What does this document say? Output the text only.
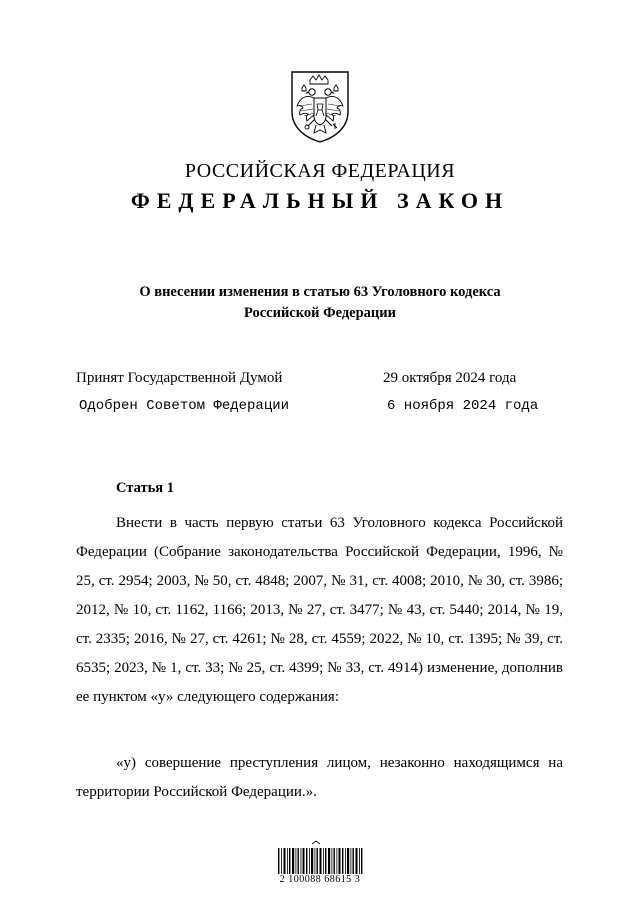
РОССИЙСКАЯ ФЕДЕРАЦИЯ
ФЕДЕРАЛЬНЫЙ ЗАКОН
О внесении изменения в статью 63 Уголовного кодекса
Российской Федерации
Принят Государственной Думой	29 октября 2024 года
Одобрен Советом Федерации	6 ноября 2024 года
Статья 1
Внести в часть первую статьи 63 Уголовного кодекса Российской Федерации (Собрание законодательства Российской Федерации, 1996, № 25, ст. 2954; 2003, № 50, ст. 4848; 2007, № 31, ст. 4008; 2010, № 30, ст. 3986; 2012, № 10, ст. 1162, 1166; 2013, № 27, ст. 3477; № 43, ст. 5440; 2014, № 19, ст. 2335; 2016, № 27, ст. 4261; № 28, ст. 4559; 2022, № 10, ст. 1395; № 39, ст. 6535; 2023, № 1, ст. 33; № 25, ст. 4399; № 33, ст. 4914) изменение, дополнив ее пунктом «у» следующего содержания:
«у) совершение преступления лицом, незаконно находящимся на территории Российской Федерации.».
2 100088 68615 3
